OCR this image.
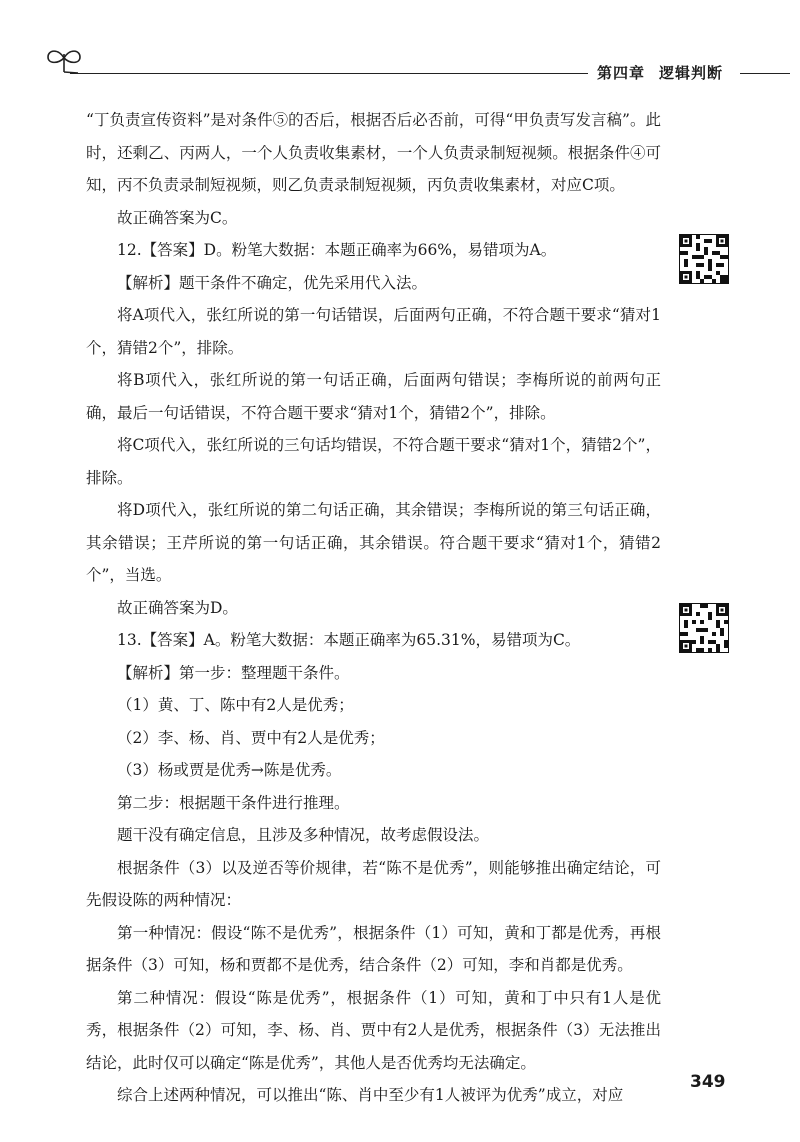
第四章 逻辑判断

“丁负责宣传资料”是对条件⑤的否后，根据否后必否前，可得“甲负责写发言稿”。此时，还剩乙、丙两人，一个人负责收集素材，一个人负责录制短视频。根据条件④可知，丙不负责录制短视频，则乙负责录制短视频，丙负责收集素材，对应C项。

故正确答案为C。

12.【答案】D。粉笔大数据：本题正确率为66%，易错项为A。

【解析】题干条件不确定，优先采用代入法。

将A项代入，张红所说的第一句话错误，后面两句正确，不符合题干要求“猜对1个，猜错2个”，排除。

将B项代入，张红所说的第一句话正确，后面两句错误；李梅所说的前两句正确，最后一句话错误，不符合题干要求“猜对1个，猜错2个”，排除。

将C项代入，张红所说的三句话均错误，不符合题干要求“猜对1个，猜错2个”，排除。

将D项代入，张红所说的第二句话正确，其余错误；李梅所说的第三句话正确，其余错误；王芹所说的第一句话正确，其余错误。符合题干要求“猜对1个，猜错2个”，当选。

故正确答案为D。

13.【答案】A。粉笔大数据：本题正确率为65.31%，易错项为C。

【解析】第一步：整理题干条件。

（1）黄、丁、陈中有2人是优秀；

（2）李、杨、肖、贾中有2人是优秀；

（3）杨或贾是优秀→陈是优秀。

第二步：根据题干条件进行推理。

题干没有确定信息，且涉及多种情况，故考虑假设法。

根据条件（3）以及逆否等价规律，若“陈不是优秀”，则能够推出确定结论，可先假设陈的两种情况：

第一种情况：假设“陈不是优秀”，根据条件（1）可知，黄和丁都是优秀，再根据条件（3）可知，杨和贾都不是优秀，结合条件（2）可知，李和肖都是优秀。

第二种情况：假设“陈是优秀”，根据条件（1）可知，黄和丁中只有1人是优秀，根据条件（2）可知，李、杨、肖、贾中有2人是优秀，根据条件（3）无法推出结论，此时仅可以确定“陈是优秀”，其他人是否优秀均无法确定。

综合上述两种情况，可以推出“陈、肖中至少有1人被评为优秀”成立，对应

349
